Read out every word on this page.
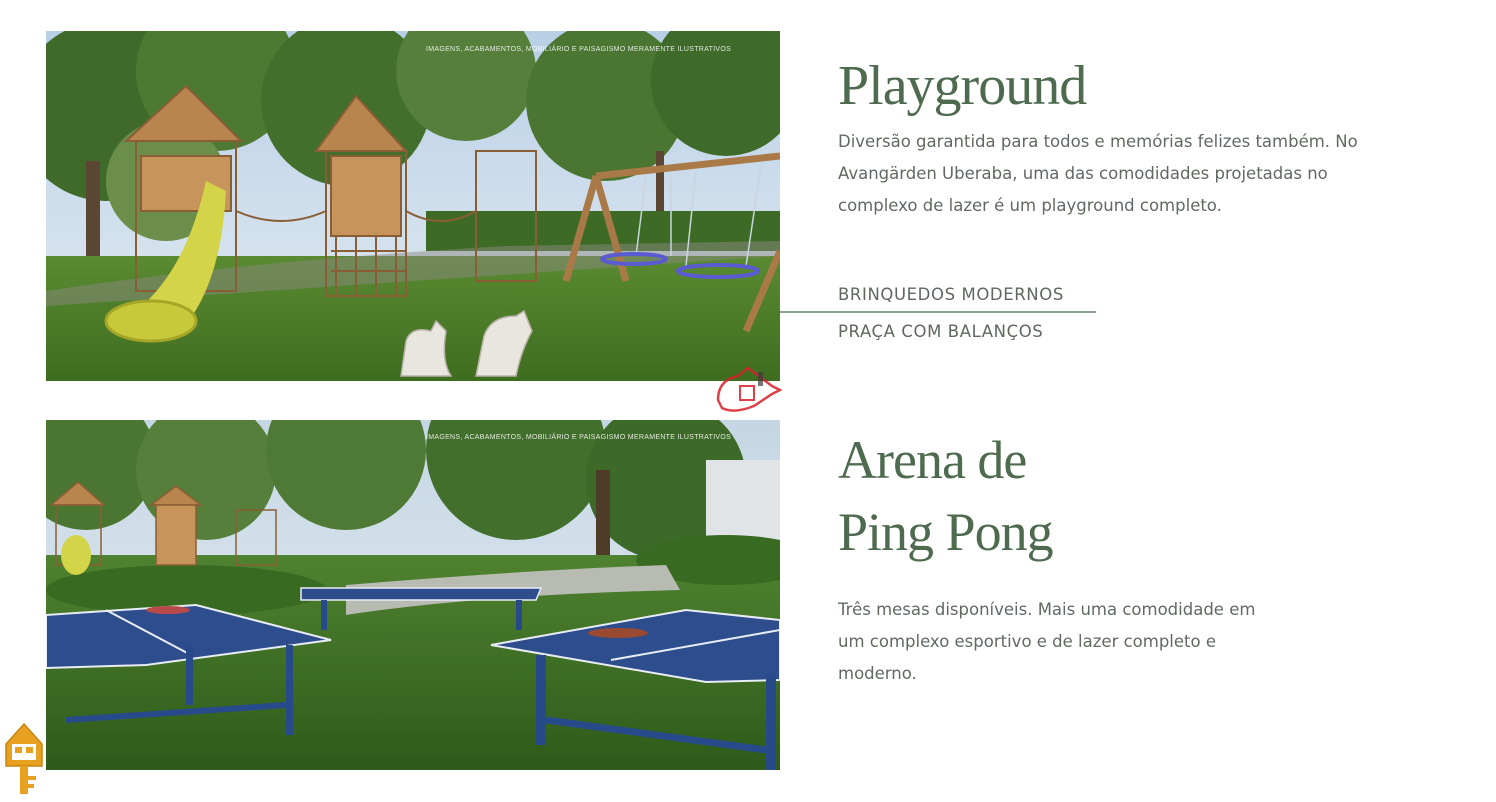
IMAGENS, ACABAMENTOS, MOBILIÁRIO E PAISAGISMO MERAMENTE ILUSTRATIVOS
IMAGENS, ACABAMENTOS, MOBILIÁRIO E PAISAGISMO MERAMENTE ILUSTRATIVOS
Playground

Diversão garantida para todos e memórias felizes também. No Avangärden Uberaba, uma das comodidades projetadas no complexo de lazer é um playground completo.

BRINQUEDOS MODERNOS
PRAÇA COM BALANÇOS
Arena de
Ping Pong

Três mesas disponíveis. Mais uma comodidade em um complexo esportivo e de lazer completo e moderno.
